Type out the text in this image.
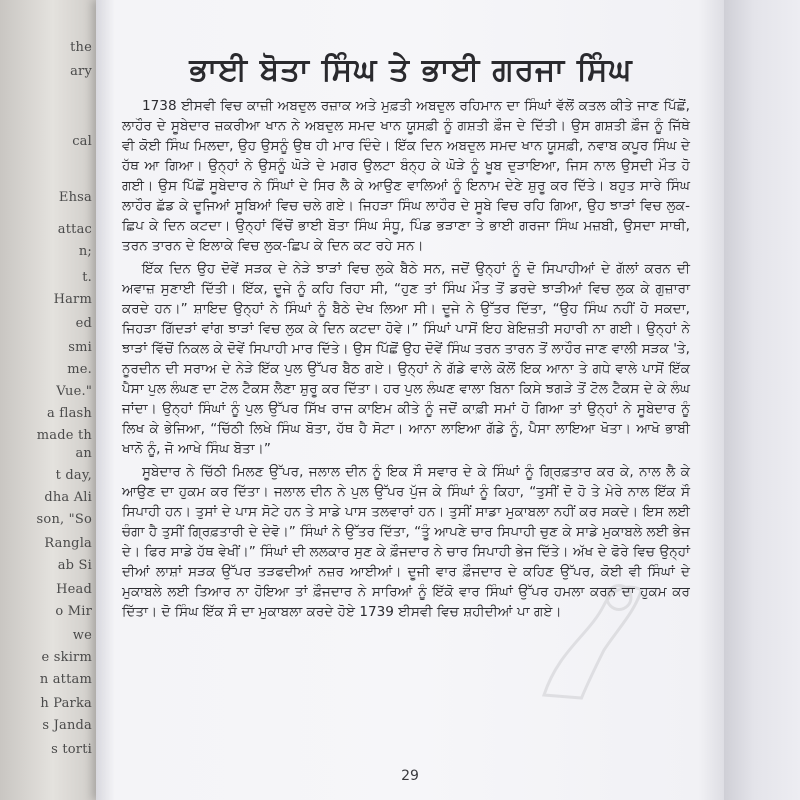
the
ary
cal
Ehsa
attac
n;
t.
Harm
ed
smi
me.
Vue."
a flash
made th
an
t day,
dha Ali
son, "So
Rangla
ab Si
Head
o Mir
we
e skirm
n attam
h Parka
s Janda
s torti
ਭਾਈ ਬੋਤਾ ਸਿੰਘ ਤੇ ਭਾਈ ਗਰਜਾ ਸਿੰਘ

1738 ਈਸਵੀ ਵਿਚ ਕਾਜ਼ੀ ਅਬਦੁਲ ਰਜ਼ਾਕ ਅਤੇ ਮੁਫ਼ਤੀ ਅਬਦੁਲ ਰਹਿਮਾਨ ਦਾ ਸਿੰਘਾਂ ਵੱਲੋਂ ਕਤਲ ਕੀਤੇ ਜਾਣ ਪਿੱਛੋਂ, ਲਾਹੌਰ ਦੇ ਸੂਬੇਦਾਰ ਜ਼ਕਰੀਆ ਖਾਨ ਨੇ ਅਬਦੁਲ ਸਮਦ ਖਾਨ ਯੂਸਫ਼ੀ ਨੂੰ ਗਸ਼ਤੀ ਫ਼ੌਜ ਦੇ ਦਿੱਤੀ। ਉਸ ਗਸ਼ਤੀ ਫ਼ੌਜ ਨੂੰ ਜਿੱਥੇ ਵੀ ਕੋਈ ਸਿੰਘ ਮਿਲਦਾ, ਉਹ ਉਸਨੂੰ ਉਥ ਹੀ ਮਾਰ ਦਿੰਦੇ। ਇੱਕ ਦਿਨ ਅਬਦੁਲ ਸਮਦ ਖਾਨ ਯੂਸਫ਼ੀ, ਨਵਾਬ ਕਪੂਰ ਸਿੰਘ ਦੇ ਹੱਥ ਆ ਗਿਆ। ਉਨ੍ਹਾਂ ਨੇ ਉਸਨੂੰ ਘੋੜੇ ਦੇ ਮਗਰ ਉਲਟਾ ਬੰਨ੍ਹ ਕੇ ਘੋੜੇ ਨੂੰ ਖੂਬ ਦੁੜਾਇਆ, ਜਿਸ ਨਾਲ ਉਸਦੀ ਮੌਤ ਹੋ ਗਈ। ਉਸ ਪਿੱਛੋਂ ਸੂਬੇਦਾਰ ਨੇ ਸਿੰਘਾਂ ਦੇ ਸਿਰ ਲੈ ਕੇ ਆਉਣ ਵਾਲਿਆਂ ਨੂੰ ਇਨਾਮ ਦੇਣੇ ਸ਼ੁਰੂ ਕਰ ਦਿੱਤੇ। ਬਹੁਤ ਸਾਰੇ ਸਿੰਘ ਲਾਹੌਰ ਛੱਡ ਕੇ ਦੂਜਿਆਂ ਸੂਬਿਆਂ ਵਿਚ ਚਲੇ ਗਏ। ਜਿਹੜਾ ਸਿੰਘ ਲਾਹੌਰ ਦੇ ਸੂਬੇ ਵਿਚ ਰਹਿ ਗਿਆ, ਉਹ ਝਾੜਾਂ ਵਿਚ ਲੁਕ-ਛਿਪ ਕੇ ਦਿਨ ਕਟਦਾ। ਉਨ੍ਹਾਂ ਵਿੱਚੋਂ ਭਾਈ ਬੋਤਾ ਸਿੰਘ ਸੰਧੂ, ਪਿੰਡ ਭੜਾਣਾ ਤੇ ਭਾਈ ਗਰਜਾ ਸਿੰਘ ਮਜ਼ਬੀ, ਉਸਦਾ ਸਾਥੀ, ਤਰਨ ਤਾਰਨ ਦੇ ਇਲਾਕੇ ਵਿਚ ਲੁਕ-ਛਿਪ ਕੇ ਦਿਨ ਕਟ ਰਹੇ ਸਨ।

ਇੱਕ ਦਿਨ ਉਹ ਦੋਵੇਂ ਸੜਕ ਦੇ ਨੇੜੇ ਝਾੜਾਂ ਵਿਚ ਲੁਕੇ ਬੈਠੇ ਸਨ, ਜਦੋਂ ਉਨ੍ਹਾਂ ਨੂੰ ਦੋ ਸਿਪਾਹੀਆਂ ਦੇ ਗੱਲਾਂ ਕਰਨ ਦੀ ਅਵਾਜ਼ ਸੁਣਾਈ ਦਿੱਤੀ। ਇੱਕ, ਦੂਜੇ ਨੂੰ ਕਹਿ ਰਿਹਾ ਸੀ, “ਹੁਣ ਤਾਂ ਸਿੰਘ ਮੌਤ ਤੋਂ ਡਰਦੇ ਝਾੜੀਆਂ ਵਿਚ ਲੁਕ ਕੇ ਗੁਜ਼ਾਰਾ ਕਰਦੇ ਹਨ।” ਸ਼ਾਇਦ ਉਨ੍ਹਾਂ ਨੇ ਸਿੰਘਾਂ ਨੂੰ ਬੈਠੇ ਦੇਖ ਲਿਆ ਸੀ। ਦੂਜੇ ਨੇ ਉੱਤਰ ਦਿੱਤਾ, “ਉਹ ਸਿੰਘ ਨਹੀਂ ਹੋ ਸਕਦਾ, ਜਿਹੜਾ ਗਿੱਦੜਾਂ ਵਾਂਗ ਝਾੜਾਂ ਵਿਚ ਲੁਕ ਕੇ ਦਿਨ ਕਟਦਾ ਹੋਵੇ।” ਸਿੰਘਾਂ ਪਾਸੋਂ ਇਹ ਬੇਇਜ਼ਤੀ ਸਹਾਰੀ ਨਾ ਗਈ। ਉਨ੍ਹਾਂ ਨੇ ਝਾੜਾਂ ਵਿੱਚੋਂ ਨਿਕਲ ਕੇ ਦੋਵੇਂ ਸਿਪਾਹੀ ਮਾਰ ਦਿੱਤੇ। ਉਸ ਪਿੱਛੋਂ ਉਹ ਦੋਵੇਂ ਸਿੰਘ ਤਰਨ ਤਾਰਨ ਤੋਂ ਲਾਹੌਰ ਜਾਣ ਵਾਲੀ ਸੜਕ 'ਤੇ, ਨੂਰਦੀਨ ਦੀ ਸਰਾਅ ਦੇ ਨੇੜੇ ਇੱਕ ਪੁਲ ਉੱਪਰ ਬੈਠ ਗਏ। ਉਨ੍ਹਾਂ ਨੇ ਗੱਡੇ ਵਾਲੇ ਕੋਲੋਂ ਇਕ ਆਨਾ ਤੇ ਗਧੇ ਵਾਲੇ ਪਾਸੋਂ ਇੱਕ ਪੈਸਾ ਪੁਲ ਲੰਘਣ ਦਾ ਟੋਲ ਟੈਕਸ ਲੈਣਾ ਸ਼ੁਰੂ ਕਰ ਦਿੱਤਾ। ਹਰ ਪੁਲ ਲੰਘਣ ਵਾਲਾ ਬਿਨਾ ਕਿਸੇ ਝਗੜੇ ਤੋਂ ਟੋਲ ਟੈਕਸ ਦੇ ਕੇ ਲੰਘ ਜਾਂਦਾ। ਉਨ੍ਹਾਂ ਸਿੰਘਾਂ ਨੂੰ ਪੁਲ ਉੱਪਰ ਸਿੱਖ ਰਾਜ ਕਾਇਮ ਕੀਤੇ ਨੂੰ ਜਦੋਂ ਕਾਫ਼ੀ ਸਮਾਂ ਹੋ ਗਿਆ ਤਾਂ ਉਨ੍ਹਾਂ ਨੇ ਸੂਬੇਦਾਰ ਨੂੰ ਲਿਖ ਕੇ ਭੇਜਿਆ, “ਚਿੱਠੀ ਲਿਖੇ ਸਿੰਘ ਬੋਤਾ, ਹੱਥ ਹੈ ਸੋਟਾ। ਆਨਾ ਲਾਇਆ ਗੱਡੇ ਨੂੰ, ਪੈਸਾ ਲਾਇਆ ਖੋਤਾ। ਆਖੋ ਭਾਬੀ ਖਾਨੋ ਨੂੰ, ਜੋ ਆਖੇ ਸਿੰਘ ਬੋਤਾ।”

ਸੂਬੇਦਾਰ ਨੇ ਚਿੱਠੀ ਮਿਲਣ ਉੱਪਰ, ਜਲਾਲ ਦੀਨ ਨੂੰ ਇਕ ਸੌ ਸਵਾਰ ਦੇ ਕੇ ਸਿੰਘਾਂ ਨੂੰ ਗ੍ਰਿਫ਼ਤਾਰ ਕਰ ਕੇ, ਨਾਲ ਲੈ ਕੇ ਆਉਣ ਦਾ ਹੁਕਮ ਕਰ ਦਿੱਤਾ। ਜਲਾਲ ਦੀਨ ਨੇ ਪੁਲ ਉੱਪਰ ਪੁੱਜ ਕੇ ਸਿੰਘਾਂ ਨੂੰ ਕਿਹਾ, “ਤੁਸੀਂ ਦੋ ਹੋ ਤੇ ਮੇਰੇ ਨਾਲ ਇੱਕ ਸੌ ਸਿਪਾਹੀ ਹਨ। ਤੁਸਾਂ ਦੇ ਪਾਸ ਸੋਟੇ ਹਨ ਤੇ ਸਾਡੇ ਪਾਸ ਤਲਵਾਰਾਂ ਹਨ। ਤੁਸੀਂ ਸਾਡਾ ਮੁਕਾਬਲਾ ਨਹੀਂ ਕਰ ਸਕਦੇ। ਇਸ ਲਈ ਚੰਗਾ ਹੈ ਤੁਸੀਂ ਗ੍ਰਿਫ਼ਤਾਰੀ ਦੇ ਦੇਵੋ।” ਸਿੰਘਾਂ ਨੇ ਉੱਤਰ ਦਿੱਤਾ, “ਤੂੰ ਆਪਣੇ ਚਾਰ ਸਿਪਾਹੀ ਚੁਣ ਕੇ ਸਾਡੇ ਮੁਕਾਬਲੇ ਲਈ ਭੇਜ ਦੇ। ਫਿਰ ਸਾਡੇ ਹੱਥ ਵੇਖੀਂ।” ਸਿੰਘਾਂ ਦੀ ਲਲਕਾਰ ਸੁਣ ਕੇ ਫ਼ੌਜਦਾਰ ਨੇ ਚਾਰ ਸਿਪਾਹੀ ਭੇਜ ਦਿੱਤੇ। ਅੱਖ ਦੇ ਫੋਰੇ ਵਿਚ ਉਨ੍ਹਾਂ ਦੀਆਂ ਲਾਸ਼ਾਂ ਸੜਕ ਉੱਪਰ ਤੜਫਦੀਆਂ ਨਜ਼ਰ ਆਈਆਂ। ਦੂਜੀ ਵਾਰ ਫ਼ੌਜਦਾਰ ਦੇ ਕਹਿਣ ਉੱਪਰ, ਕੋਈ ਵੀ ਸਿੰਘਾਂ ਦੇ ਮੁਕਾਬਲੇ ਲਈ ਤਿਆਰ ਨਾ ਹੋਇਆ ਤਾਂ ਫ਼ੌਜਦਾਰ ਨੇ ਸਾਰਿਆਂ ਨੂੰ ਇੱਕੋ ਵਾਰ ਸਿੰਘਾਂ ਉੱਪਰ ਹਮਲਾ ਕਰਨ ਦਾ ਹੁਕਮ ਕਰ ਦਿੱਤਾ। ਦੋ ਸਿੰਘ ਇੱਕ ਸੌ ਦਾ ਮੁਕਾਬਲਾ ਕਰਦੇ ਹੋਏ 1739 ਈਸਵੀ ਵਿਚ ਸ਼ਹੀਦੀਆਂ ਪਾ ਗਏ।

29
